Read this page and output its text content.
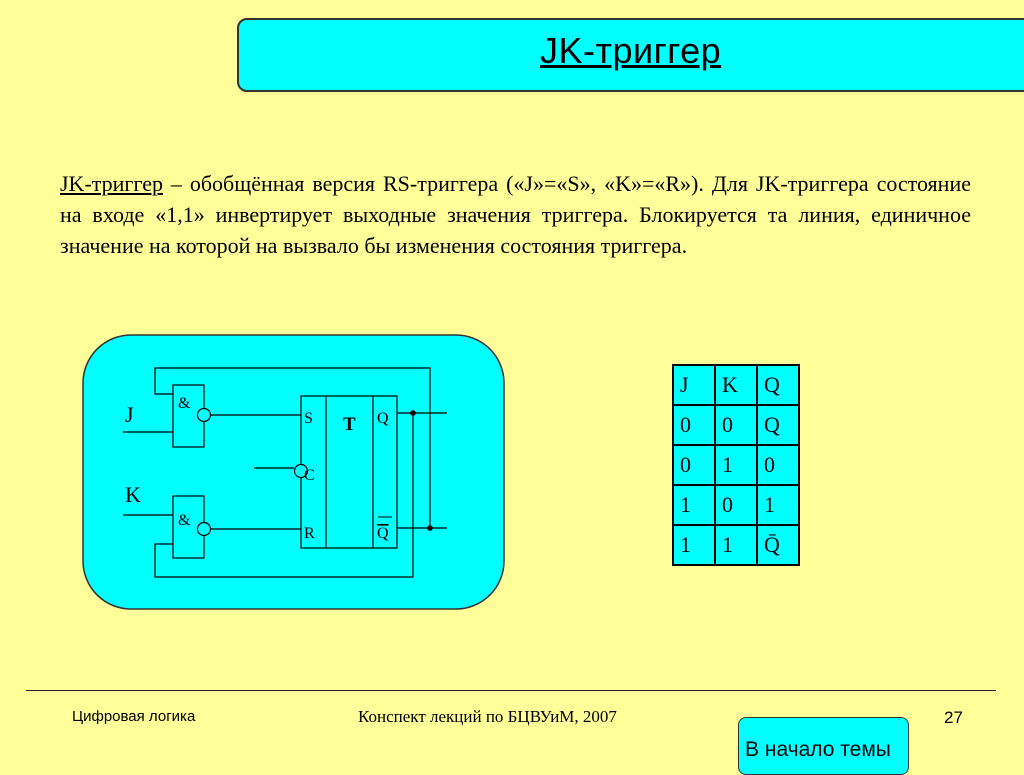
JK-триггер
JK-триггер – обобщённая версия RS-триггера («J»=«S», «K»=«R»). Для JK-триггера состояние на входе «1,1» инвертирует выходные значения триггера. Блокируется та линия, единичное значение на которой на вызвало бы изменения состояния триггера.
J
K
&
&
T
S
C
R
Q
Q
J	K	Q
0	0	Q
0	1	0
1	0	1
1	1	Q̄
Цифровая логика	Конспект лекций по БЦВУиМ, 2007	27
В начало темы
